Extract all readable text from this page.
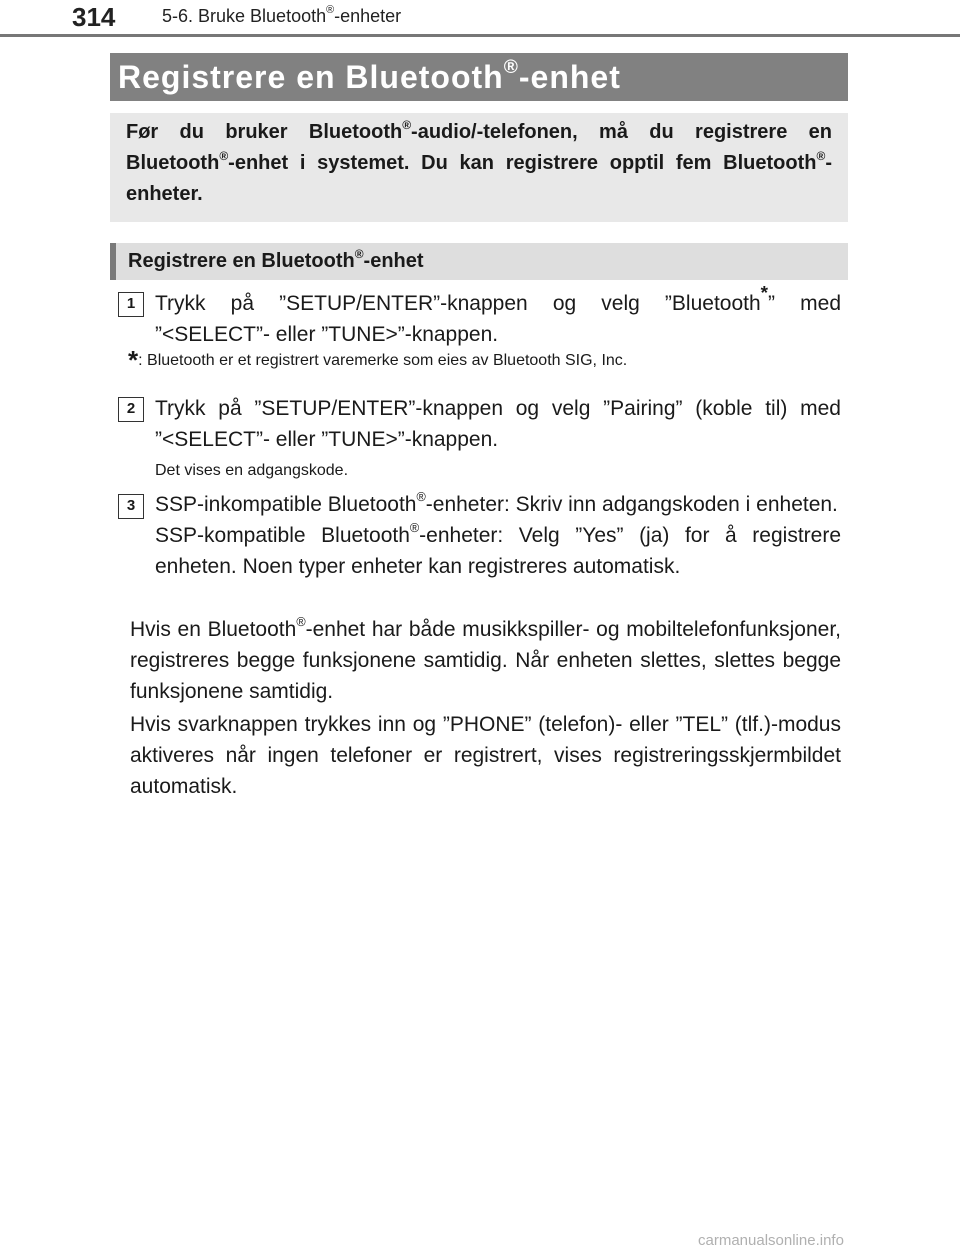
314	5-6. Bruke Bluetooth®-enheter
Registrere en Bluetooth®-enhet
Før du bruker Bluetooth®-audio/-telefonen, må du registrere en Bluetooth®-enhet i systemet. Du kan registrere opptil fem Bluetooth®-enheter.
Registrere en Bluetooth®-enhet
1 Trykk på ”SETUP/ENTER”-knappen og velg ”Bluetooth*” med ”<SELECT”- eller ”TUNE>”-knappen.
*: Bluetooth er et registrert varemerke som eies av Bluetooth SIG, Inc.
2 Trykk på ”SETUP/ENTER”-knappen og velg ”Pairing” (koble til) med ”<SELECT”- eller ”TUNE>”-knappen.
Det vises en adgangskode.
3 SSP-inkompatible Bluetooth®-enheter: Skriv inn adgangskoden i enheten.
SSP-kompatible Bluetooth®-enheter: Velg ”Yes” (ja) for å registrere enheten. Noen typer enheter kan registreres automatisk.
Hvis en Bluetooth®-enhet har både musikkspiller- og mobiltelefonfunksjoner, registreres begge funksjonene samtidig. Når enheten slettes, slettes begge funksjonene samtidig.
Hvis svarknappen trykkes inn og ”PHONE” (telefon)- eller ”TEL” (tlf.)-modus aktiveres når ingen telefoner er registrert, vises registreringsskjermbildet automatisk.
carmanualsonline.info
